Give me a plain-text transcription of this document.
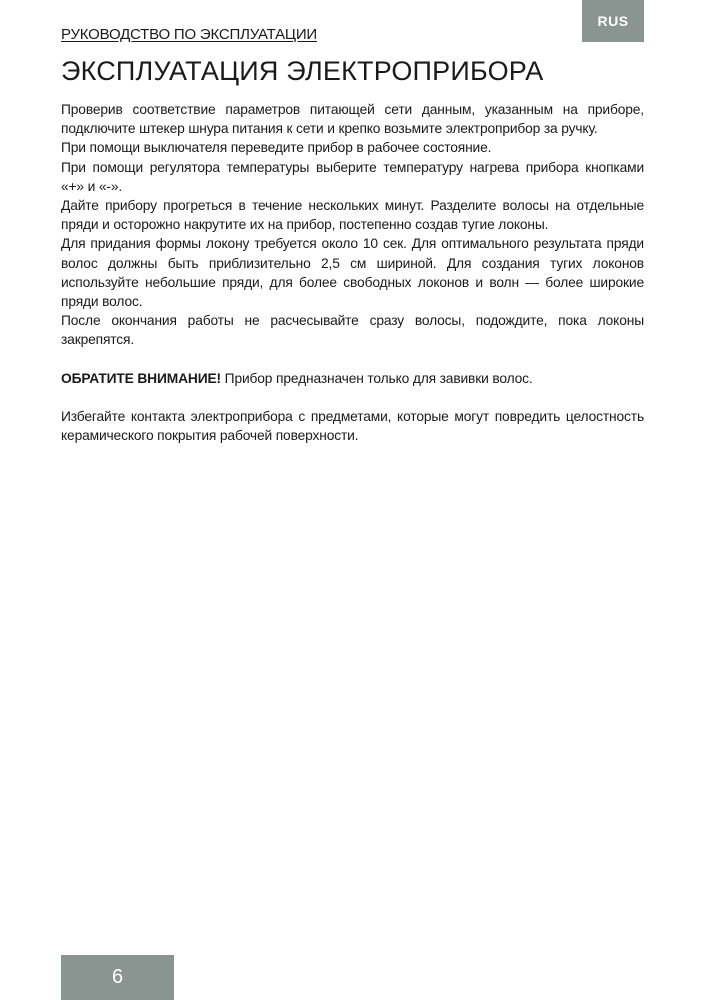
RUS
РУКОВОДСТВО ПО ЭКСПЛУАТАЦИИ
ЭКСПЛУАТАЦИЯ ЭЛЕКТРОПРИБОРА

Проверив соответствие параметров питающей сети данным, указанным на приборе, подключите штекер шнура питания к сети и крепко возьмите электроприбор за ручку.

При помощи выключателя переведите прибор в рабочее состояние.

При помощи регулятора температуры выберите температуру нагрева прибора кнопками «+» и «-».

Дайте прибору прогреться в течение нескольких минут. Разделите волосы на отдельные пряди и осторожно накрутите их на прибор, постепенно создав тугие локоны.

Для придания формы локону требуется около 10 сек. Для оптимального результата пряди волос должны быть приблизительно 2,5 см шириной. Для создания тугих локонов используйте небольшие пряди, для более свободных локонов и волн — более широкие пряди волос.

После окончания работы не расчесывайте сразу волосы, подождите, пока локоны закрепятся.

ОБРАТИТЕ ВНИМАНИЕ! Прибор предназначен только для завивки волос.

Избегайте контакта электроприбора с предметами, которые могут повредить целостность керамического покрытия рабочей поверхности.

6
